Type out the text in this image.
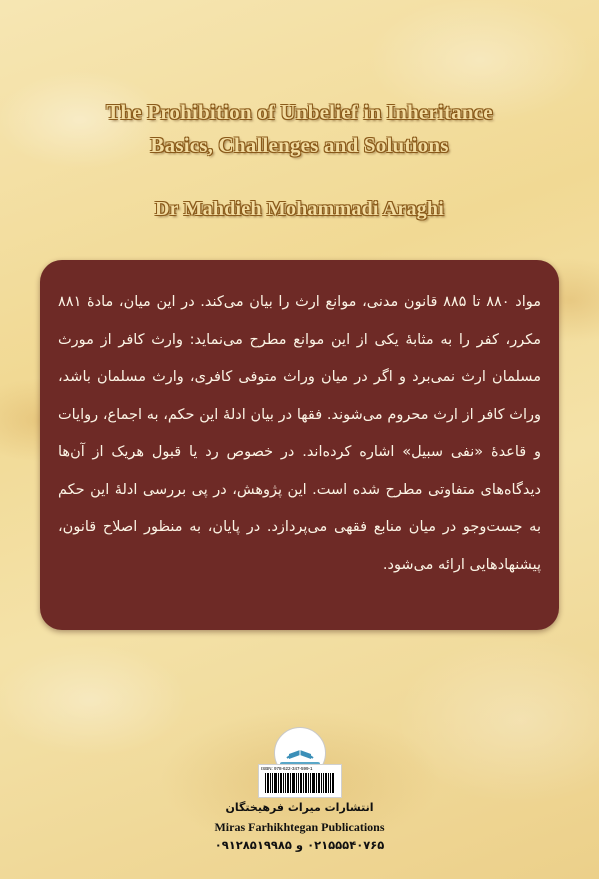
The Prohibition of Unbelief in Inheritance
Basics, Challenges and Solutions
Dr Mahdieh Mohammadi Araghi
مواد ۸۸۰ تا ۸۸۵ قانون مدنی، موانع ارث را بیان می‌کند. در این میان، مادهٔ ۸۸۱ مکرر، کفر را به مثابهٔ یکی از این موانع مطرح می‌نماید: وارث کافر از مورث مسلمان ارث نمی‌برد و اگر در میان وراث متوفی کافری، وارث مسلمان باشد، وراث کافر از ارث محروم می‌شوند. فقها در بیان ادلهٔ این حکم، به اجماع، روایات و قاعدهٔ «نفی سبیل» اشاره کرده‌اند. در خصوص رد یا قبول هریک از آن‌ها دیدگاه‌های متفاوتی مطرح شده است. این پژوهش، در پی بررسی ادلهٔ این حکم به جست‌وجو در میان منابع فقهی می‌پردازد. در پایان، به منظور اصلاح قانون، پیشنهادهایی ارائه می‌شود.
ISBN: 978-622-347-599-1
انتشارات میراث فرهیختگان
Miras Farhikhtegan Publications
۰۲۱۵۵۵۴۰۷۶۵ و ۰۹۱۲۸۵۱۹۹۸۵
